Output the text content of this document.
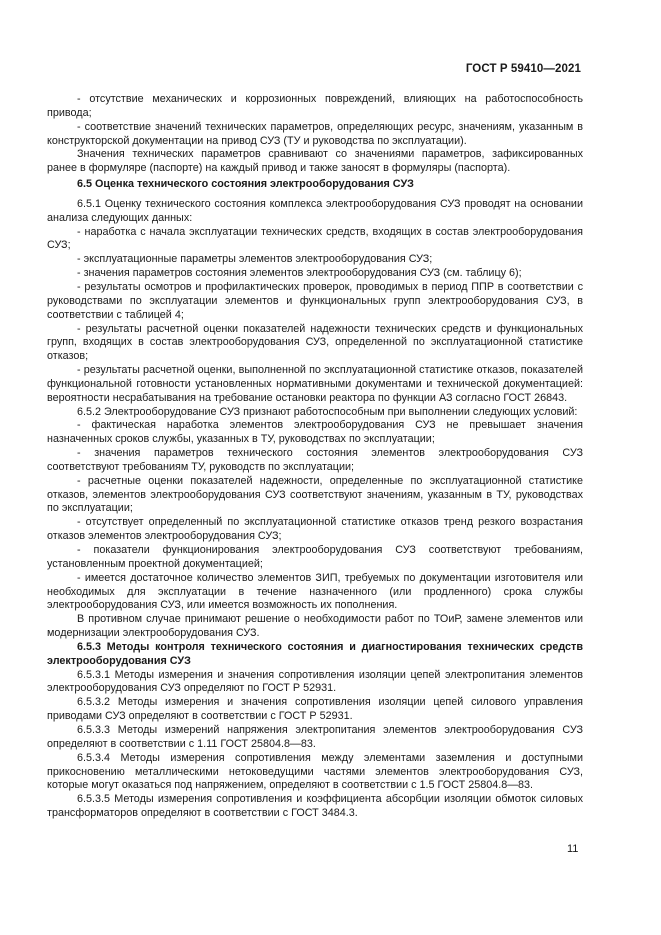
ГОСТ Р 59410—2021

- отсутствие механических и коррозионных повреждений, влияющих на работоспособность привода;

- соответствие значений технических параметров, определяющих ресурс, значениям, указанным в конструкторской документации на привод СУЗ (ТУ и руководства по эксплуатации).

Значения технических параметров сравнивают со значениями параметров, зафиксированных ранее в формуляре (паспорте) на каждый привод и также заносят в формуляры (паспорта).

6.5 Оценка технического состояния электрооборудования СУЗ

6.5.1 Оценку технического состояния комплекса электрооборудования СУЗ проводят на основании анализа следующих данных:

- наработка с начала эксплуатации технических средств, входящих в состав электрооборудования СУЗ;

- эксплуатационные параметры элементов электрооборудования СУЗ;

- значения параметров состояния элементов электрооборудования СУЗ (см. таблицу 6);

- результаты осмотров и профилактических проверок, проводимых в период ППР в соответствии с руководствами по эксплуатации элементов и функциональных групп электрооборудования СУЗ, в соответствии с таблицей 4;

- результаты расчетной оценки показателей надежности технических средств и функциональных групп, входящих в состав электрооборудования СУЗ, определенной по эксплуатационной статистике отказов;

- результаты расчетной оценки, выполненной по эксплуатационной статистике отказов, показателей функциональной готовности установленных нормативными документами и технической документацией: вероятности несрабатывания на требование остановки реактора по функции АЗ согласно ГОСТ 26843.

6.5.2 Электрооборудование СУЗ признают работоспособным при выполнении следующих условий:

- фактическая наработка элементов электрооборудования СУЗ не превышает значения назначенных сроков службы, указанных в ТУ, руководствах по эксплуатации;

- значения параметров технического состояния элементов электрооборудования СУЗ соответствуют требованиям ТУ, руководств по эксплуатации;

- расчетные оценки показателей надежности, определенные по эксплуатационной статистике отказов, элементов электрооборудования СУЗ соответствуют значениям, указанным в ТУ, руководствах по эксплуатации;

- отсутствует определенный по эксплуатационной статистике отказов тренд резкого возрастания отказов элементов электрооборудования СУЗ;

- показатели функционирования электрооборудования СУЗ соответствуют требованиям, установленным проектной документацией;

- имеется достаточное количество элементов ЗИП, требуемых по документации изготовителя или необходимых для эксплуатации в течение назначенного (или продленного) срока службы электрооборудования СУЗ, или имеется возможность их пополнения.

В противном случае принимают решение о необходимости работ по ТОиР, замене элементов или модернизации электрооборудования СУЗ.

6.5.3 Методы контроля технического состояния и диагностирования технических средств электрооборудования СУЗ

6.5.3.1 Методы измерения и значения сопротивления изоляции цепей электропитания элементов электрооборудования СУЗ определяют по ГОСТ Р 52931.

6.5.3.2 Методы измерения и значения сопротивления изоляции цепей силового управления приводами СУЗ определяют в соответствии с ГОСТ Р 52931.

6.5.3.3 Методы измерений напряжения электропитания элементов электрооборудования СУЗ определяют в соответствии с 1.11 ГОСТ 25804.8—83.

6.5.3.4 Методы измерения сопротивления между элементами заземления и доступными прикосновению металлическими нетоковедущими частями элементов электрооборудования СУЗ, которые могут оказаться под напряжением, определяют в соответствии с 1.5 ГОСТ 25804.8—83.

6.5.3.5 Методы измерения сопротивления и коэффициента абсорбции изоляции обмоток силовых трансформаторов определяют в соответствии с ГОСТ 3484.3.

11
